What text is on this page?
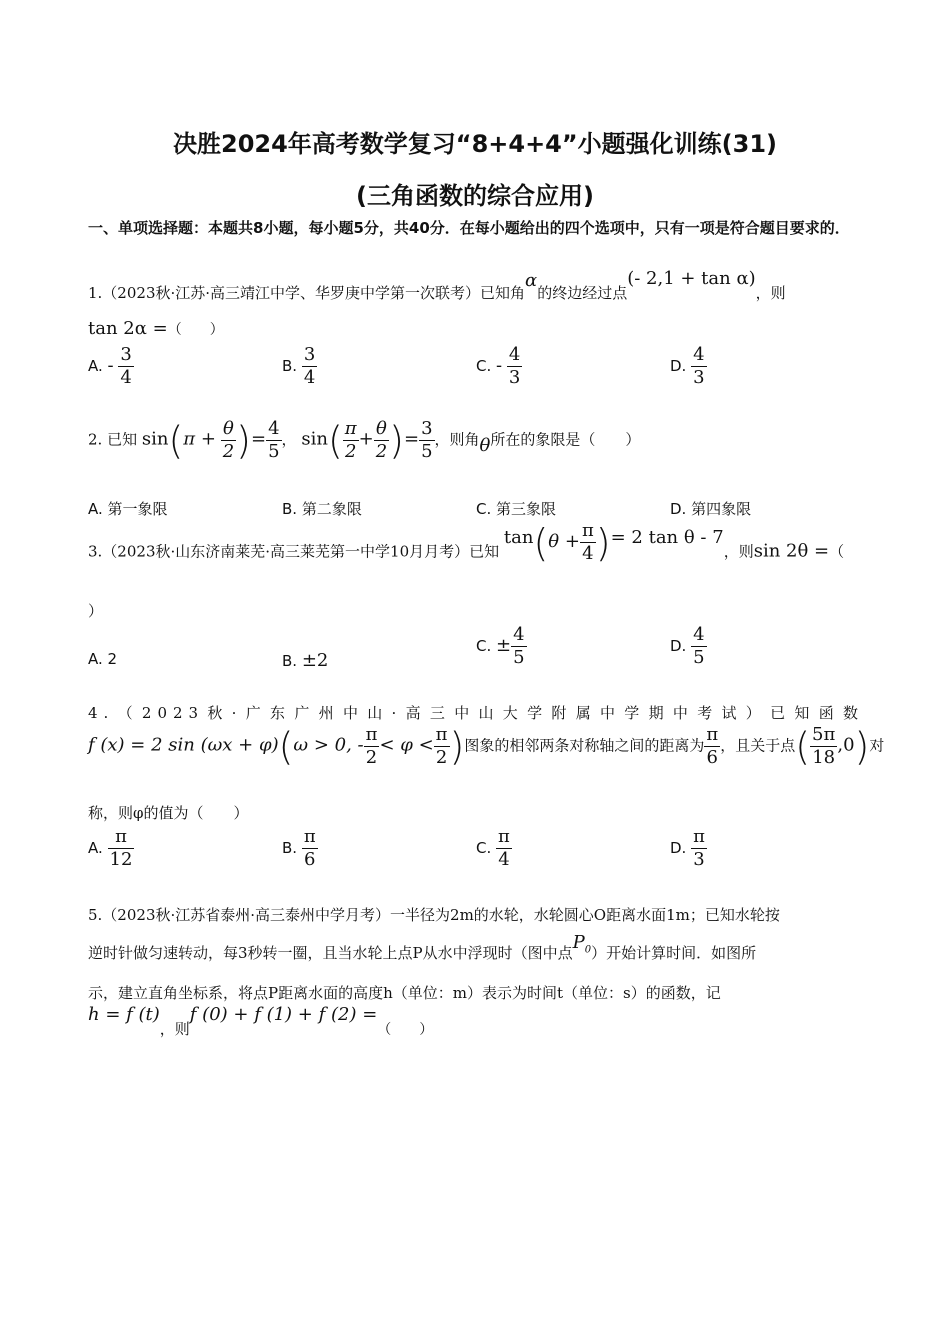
决胜2024年高考数学复习“8+4+4”小题强化训练(31)
(三角函数的综合应用)
一、单项选择题：本题共8小题，每小题5分，共40分．在每小题给出的四个选项中，只有一项是符合题目要求的．
1.（2023秋·江苏·高三靖江中学、华罗庚中学第一次联考）已知角α的终边经过点(- 2,1 + tan α)，则
tan 2α =（　　）
A. - $\frac{3}{4}$	B. $\frac{3}{4}$	C. - $\frac{4}{3}$	D. $\frac{4}{3}$
2. 已知 $\sin(\pi + \frac{\theta}{2}$ )= $\frac{4}{5}$ ， $\sin( \frac{\pi}{2} + \frac{\theta}{2}$ )= $\frac{3}{5}$ ，则角θ所在的象限是（　　）
A. 第一象限	B. 第二象限	C. 第三象限	D. 第四象限
3.（2023秋·山东济南莱芜·高三莱芜第一中学10月月考）已知 $\tan(\theta + \frac{\pi}{4}$ )= 2 tan θ - 7，则sin 2θ =（
）
A. 2	B. ±2
C. ± $\frac{4}{5}$	D. $\frac{4}{5}$
4.（2023秋·广东广州中山·高三中山大学附属中学期中考试）已知函数
f (x) = 2 sin (ωx + φ)(ω > 0, - $\frac{\pi}{2} < \varphi < \frac{\pi}{2}$ )图象的相邻两条对称轴之间的距离为 $\frac{\pi}{6}$ ，且关于点( $\frac{5\pi}{18} ,0$)对
称，则φ的值为（　　）
A. $\frac{\pi}{12}$	B. $\frac{\pi}{6}$	C. $\frac{\pi}{4}$	D. $\frac{\pi}{3}$
5.（2023秋·江苏省泰州·高三泰州中学月考）一半径为2m的水轮，水轮圆心O距离水面1m；已知水轮按
逆时针做匀速转动，每3秒转一圈，且当水轮上点P从水中浮现时（图中点$P_0$）开始计算时间．如图所
示，建立直角坐标系，将点P距离水面的高度h（单位：m）表示为时间t（单位：s）的函数，记
h = f (t)，则f (0) + f (1) + f (2) =（　　）
